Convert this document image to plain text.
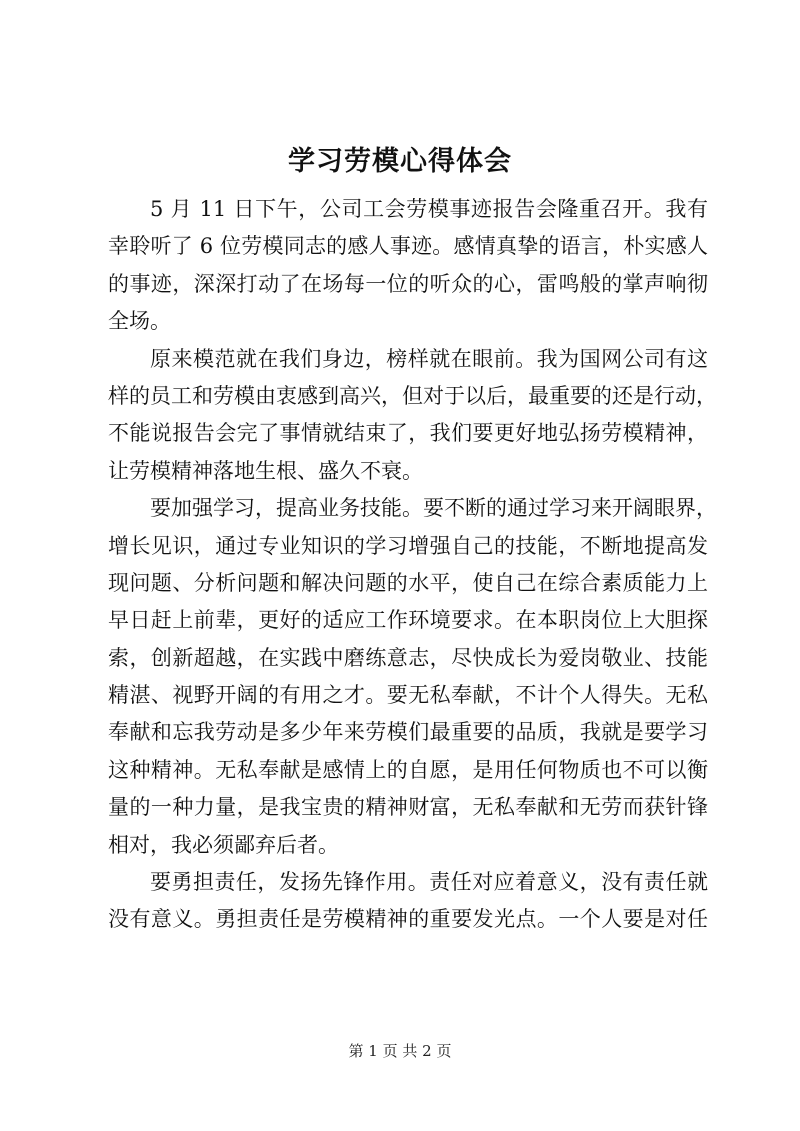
学习劳模心得体会
5 月 11 日下午，公司工会劳模事迹报告会隆重召开。我有
幸聆听了 6 位劳模同志的感人事迹。感情真挚的语言，朴实感人
的事迹，深深打动了在场每一位的听众的心，雷鸣般的掌声响彻
全场。
原来模范就在我们身边，榜样就在眼前。我为国网公司有这
样的员工和劳模由衷感到高兴，但对于以后，最重要的还是行动，
不能说报告会完了事情就结束了，我们要更好地弘扬劳模精神，
让劳模精神落地生根、盛久不衰。
要加强学习，提高业务技能。要不断的通过学习来开阔眼界，
增长见识，通过专业知识的学习增强自己的技能，不断地提高发
现问题、分析问题和解决问题的水平，使自己在综合素质能力上
早日赶上前辈，更好的适应工作环境要求。在本职岗位上大胆探
索，创新超越，在实践中磨练意志，尽快成长为爱岗敬业、技能
精湛、视野开阔的有用之才。要无私奉献，不计个人得失。无私
奉献和忘我劳动是多少年来劳模们最重要的品质，我就是要学习
这种精神。无私奉献是感情上的自愿，是用任何物质也不可以衡
量的一种力量，是我宝贵的精神财富，无私奉献和无劳而获针锋
相对，我必须鄙弃后者。
要勇担责任，发扬先锋作用。责任对应着意义，没有责任就
没有意义。勇担责任是劳模精神的重要发光点。一个人要是对任
第 1 页 共 2 页
